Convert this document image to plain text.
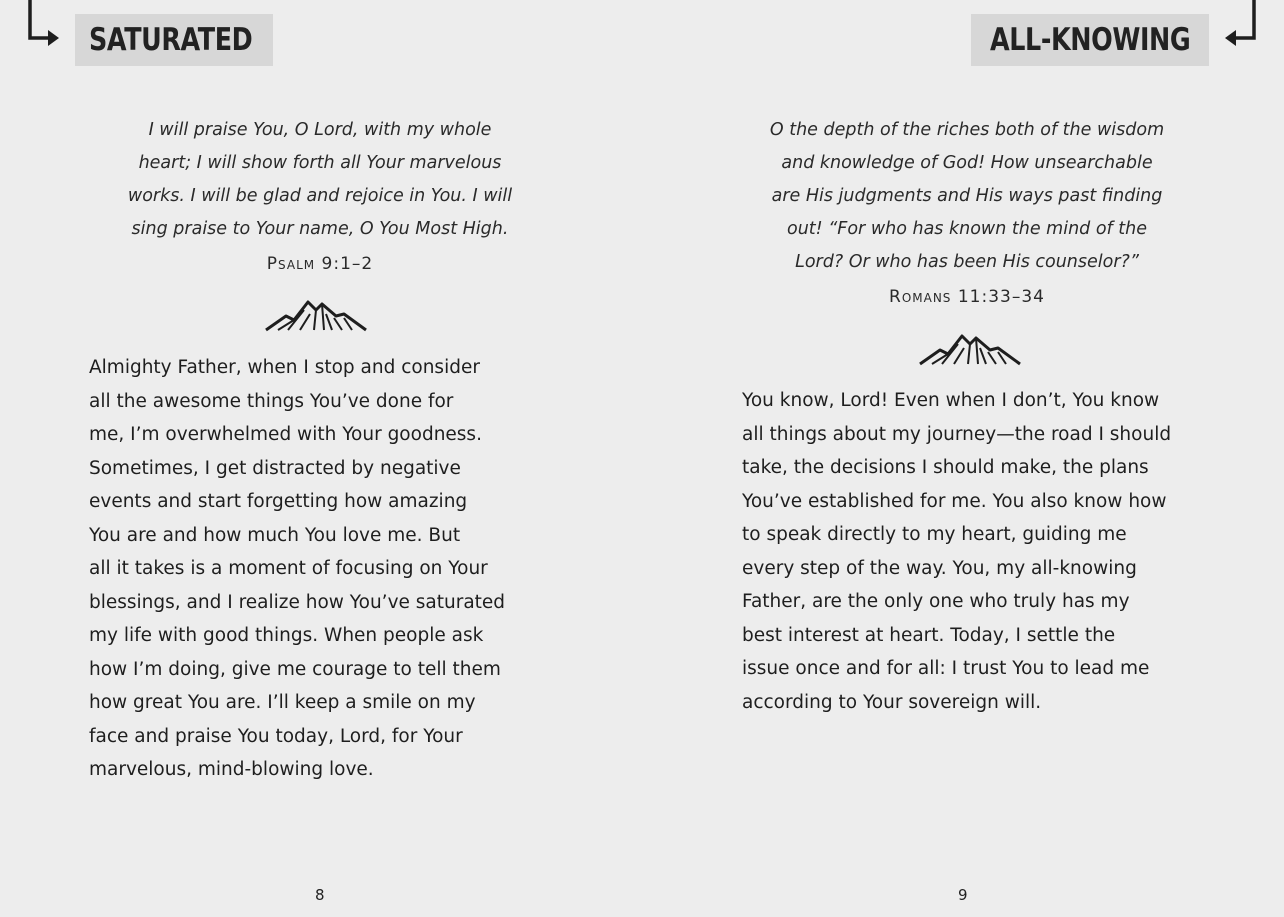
SATURATED
I will praise You, O Lord, with my whole
heart; I will show forth all Your marvelous
works. I will be glad and rejoice in You. I will
sing praise to Your name, O You Most High.
Psalm 9:1–2
Almighty Father, when I stop and consider
all the awesome things You’ve done for
me, I’m overwhelmed with Your goodness.
Sometimes, I get distracted by negative
events and start forgetting how amazing
You are and how much You love me. But
all it takes is a moment of focusing on Your
blessings, and I realize how You’ve saturated
my life with good things. When people ask
how I’m doing, give me courage to tell them
how great You are. I’ll keep a smile on my
face and praise You today, Lord, for Your
marvelous, mind-blowing love.
8
ALL-KNOWING
O the depth of the riches both of the wisdom
and knowledge of God! How unsearchable
are His judgments and His ways past finding
out! “For who has known the mind of the
Lord? Or who has been His counselor?”
Romans 11:33–34
You know, Lord! Even when I don’t, You know
all things about my journey—the road I should
take, the decisions I should make, the plans
You’ve established for me. You also know how
to speak directly to my heart, guiding me
every step of the way. You, my all-knowing
Father, are the only one who truly has my
best interest at heart. Today, I settle the
issue once and for all: I trust You to lead me
according to Your sovereign will.
9
